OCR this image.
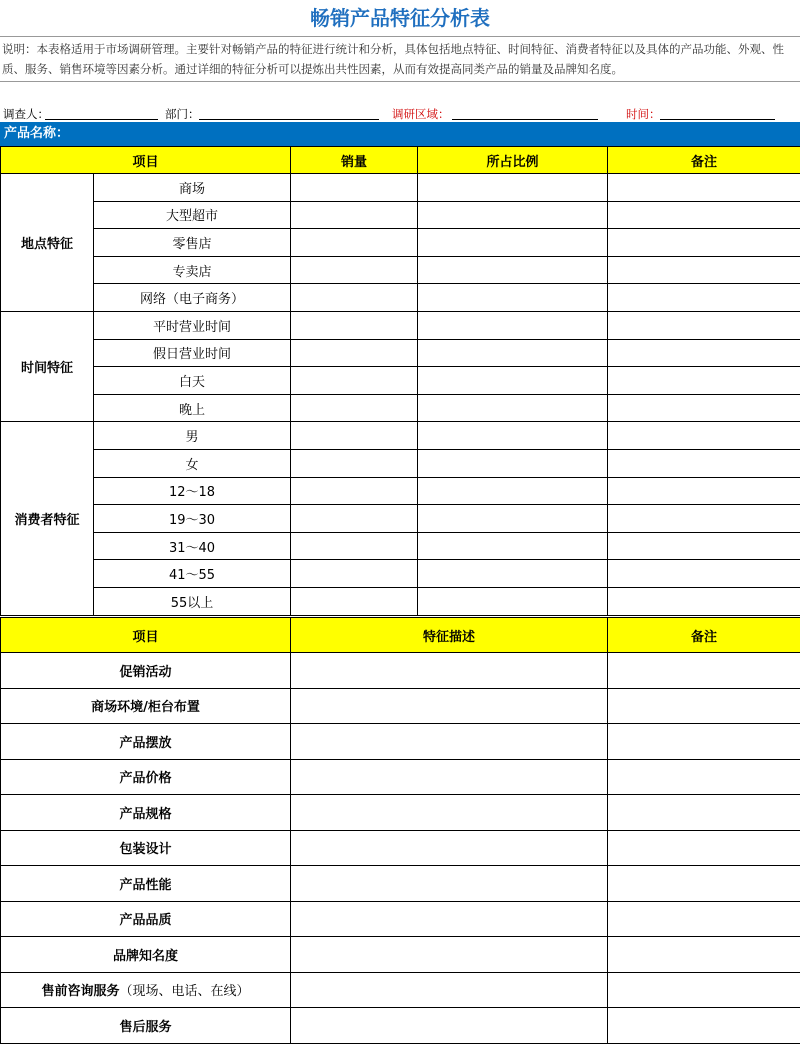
畅销产品特征分析表
说明：本表格适用于市场调研管理。主要针对畅销产品的特征进行统计和分析，具体包括地点特征、时间特征、消费者特征以及具体的产品功能、外观、性质、服务、销售环境等因素分析。通过详细的特征分析可以提炼出共性因素，从而有效提高同类产品的销量及品牌知名度。
调查人：	部门：	调研区域：	时间：
产品名称：
项目		销量	所占比例	备注
地点特征	商场			
	大型超市			
	零售店			
	专卖店			
	网络（电子商务）			
时间特征	平时营业时间			
	假日营业时间			
	白天			
	晚上			
消费者特征	男			
	女			
	12～18			
	19～30			
	31～40			
	41～55			
	55以上			
项目	特征描述	备注
促销活动		
商场环境/柜台布置		
产品摆放		
产品价格		
产品规格		
包装设计		
产品性能		
产品品质		
品牌知名度		
售前咨询服务（现场、电话、在线）		
售后服务		
